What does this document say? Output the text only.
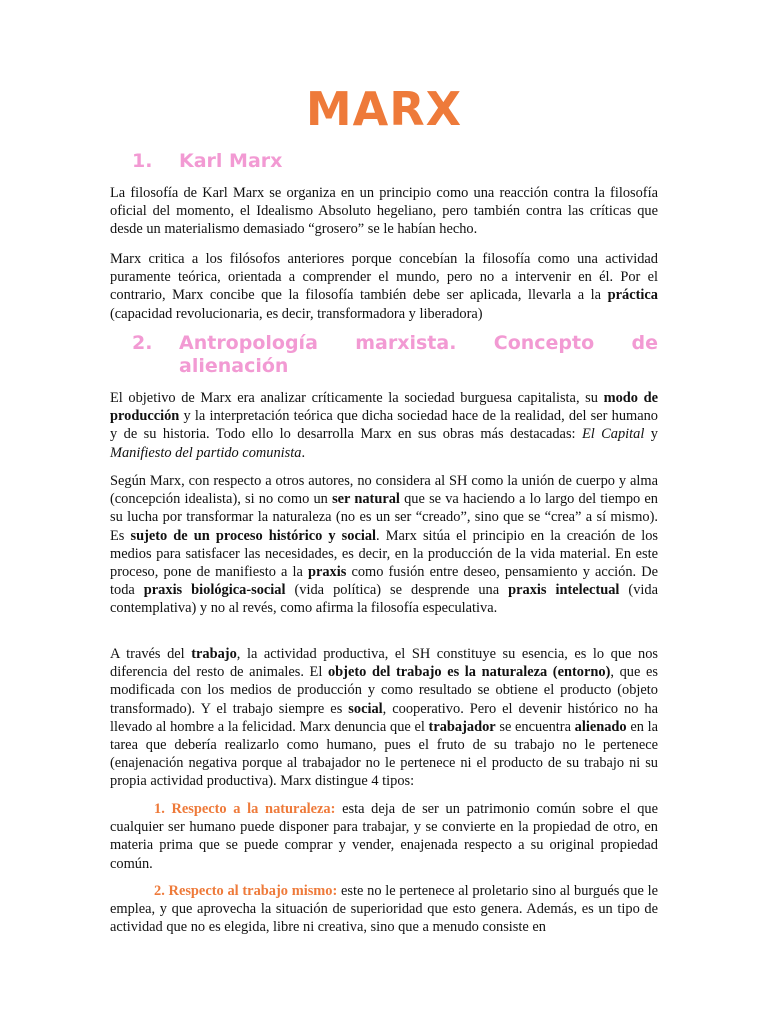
MARX
1. Karl Marx

La filosofía de Karl Marx se organiza en un principio como una reacción contra la filosofía oficial del momento, el Idealismo Absoluto hegeliano, pero también contra las críticas que desde un materialismo demasiado “grosero” se le habían hecho.

Marx critica a los filósofos anteriores porque concebían la filosofía como una actividad puramente teórica, orientada a comprender el mundo, pero no a intervenir en él. Por el contrario, Marx concibe que la filosofía también debe ser aplicada, llevarla a la práctica (capacidad revolucionaria, es decir, transformadora y liberadora)

2. Antropología marxista. Concepto de
alienación

El objetivo de Marx era analizar críticamente la sociedad burguesa capitalista, su modo de producción y la interpretación teórica que dicha sociedad hace de la realidad, del ser humano y de su historia. Todo ello lo desarrolla Marx en sus obras más destacadas: El Capital y Manifiesto del partido comunista.

Según Marx, con respecto a otros autores, no considera al SH como la unión de cuerpo y alma (concepción idealista), si no como un ser natural que se va haciendo a lo largo del tiempo en su lucha por transformar la naturaleza (no es un ser “creado”, sino que se “crea” a sí mismo). Es sujeto de un proceso histórico y social. Marx sitúa el principio en la creación de los medios para satisfacer las necesidades, es decir, en la producción de la vida material. En este proceso, pone de manifiesto a la praxis como fusión entre deseo, pensamiento y acción. De toda praxis biológica-social (vida política) se desprende una praxis intelectual (vida contemplativa) y no al revés, como afirma la filosofía especulativa.

A través del trabajo, la actividad productiva, el SH constituye su esencia, es lo que nos diferencia del resto de animales. El objeto del trabajo es la naturaleza (entorno), que es modificada con los medios de producción y como resultado se obtiene el producto (objeto transformado). Y el trabajo siempre es social, cooperativo. Pero el devenir histórico no ha llevado al hombre a la felicidad. Marx denuncia que el trabajador se encuentra alienado en la tarea que debería realizarlo como humano, pues el fruto de su trabajo no le pertenece (enajenación negativa porque al trabajador no le pertenece ni el producto de su trabajo ni su propia actividad productiva). Marx distingue 4 tipos:

1. Respecto a la naturaleza: esta deja de ser un patrimonio común sobre el que cualquier ser humano puede disponer para trabajar, y se convierte en la propiedad de otro, en materia prima que se puede comprar y vender, enajenada respecto a su original propiedad común.

2. Respecto al trabajo mismo: este no le pertenece al proletario sino al burgués que le emplea, y que aprovecha la situación de superioridad que esto genera. Además, es un tipo de actividad que no es elegida, libre ni creativa, sino que a menudo consiste en
